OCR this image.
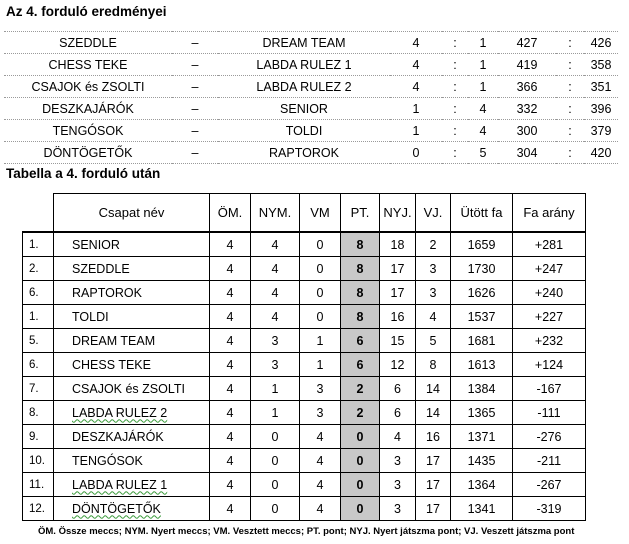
Az 4. forduló eredményei
SZEDDLE	–	DREAM TEAM	4	:	1	427	:	426
CHESS TEKE	–	LABDA RULEZ 1	4	:	1	419	:	358
CSAJOK és ZSOLTI	–	LABDA RULEZ 2	4	:	1	366	:	351
DESZKAJÁRÓK	–	SENIOR	1	:	4	332	:	396
TENGÓSOK	–	TOLDI	1	:	4	300	:	379
DÖNTÖGETŐK	–	RAPTOROK	0	:	5	304	:	420
Tabella a 4. forduló után
	Csapat név	ÖM.	NYM.	VM	PT.	NYJ.	VJ.	Ütött fa	Fa arány
1.	SENIOR	4	4	0	8	18	2	1659	+281
2.	SZEDDLE	4	4	0	8	17	3	1730	+247
6.	RAPTOROK	4	4	0	8	17	3	1626	+240
1.	TOLDI	4	4	0	8	16	4	1537	+227
5.	DREAM TEAM	4	3	1	6	15	5	1681	+232
6.	CHESS TEKE	4	3	1	6	12	8	1613	+124
7.	CSAJOK és ZSOLTI	4	1	3	2	6	14	1384	-167
8.	LABDA RULEZ 2	4	1	3	2	6	14	1365	-111
9.	DESZKAJÁRÓK	4	0	4	0	4	16	1371	-276
10.	TENGÓSOK	4	0	4	0	3	17	1435	-211
11.	LABDA RULEZ 1	4	0	4	0	3	17	1364	-267
12.	DÖNTÖGETŐK	4	0	4	0	3	17	1341	-319
ÖM. Össze meccs; NYM. Nyert meccs; VM. Vesztett meccs; PT. pont; NYJ. Nyert játszma pont; VJ. Veszett játszma pont
